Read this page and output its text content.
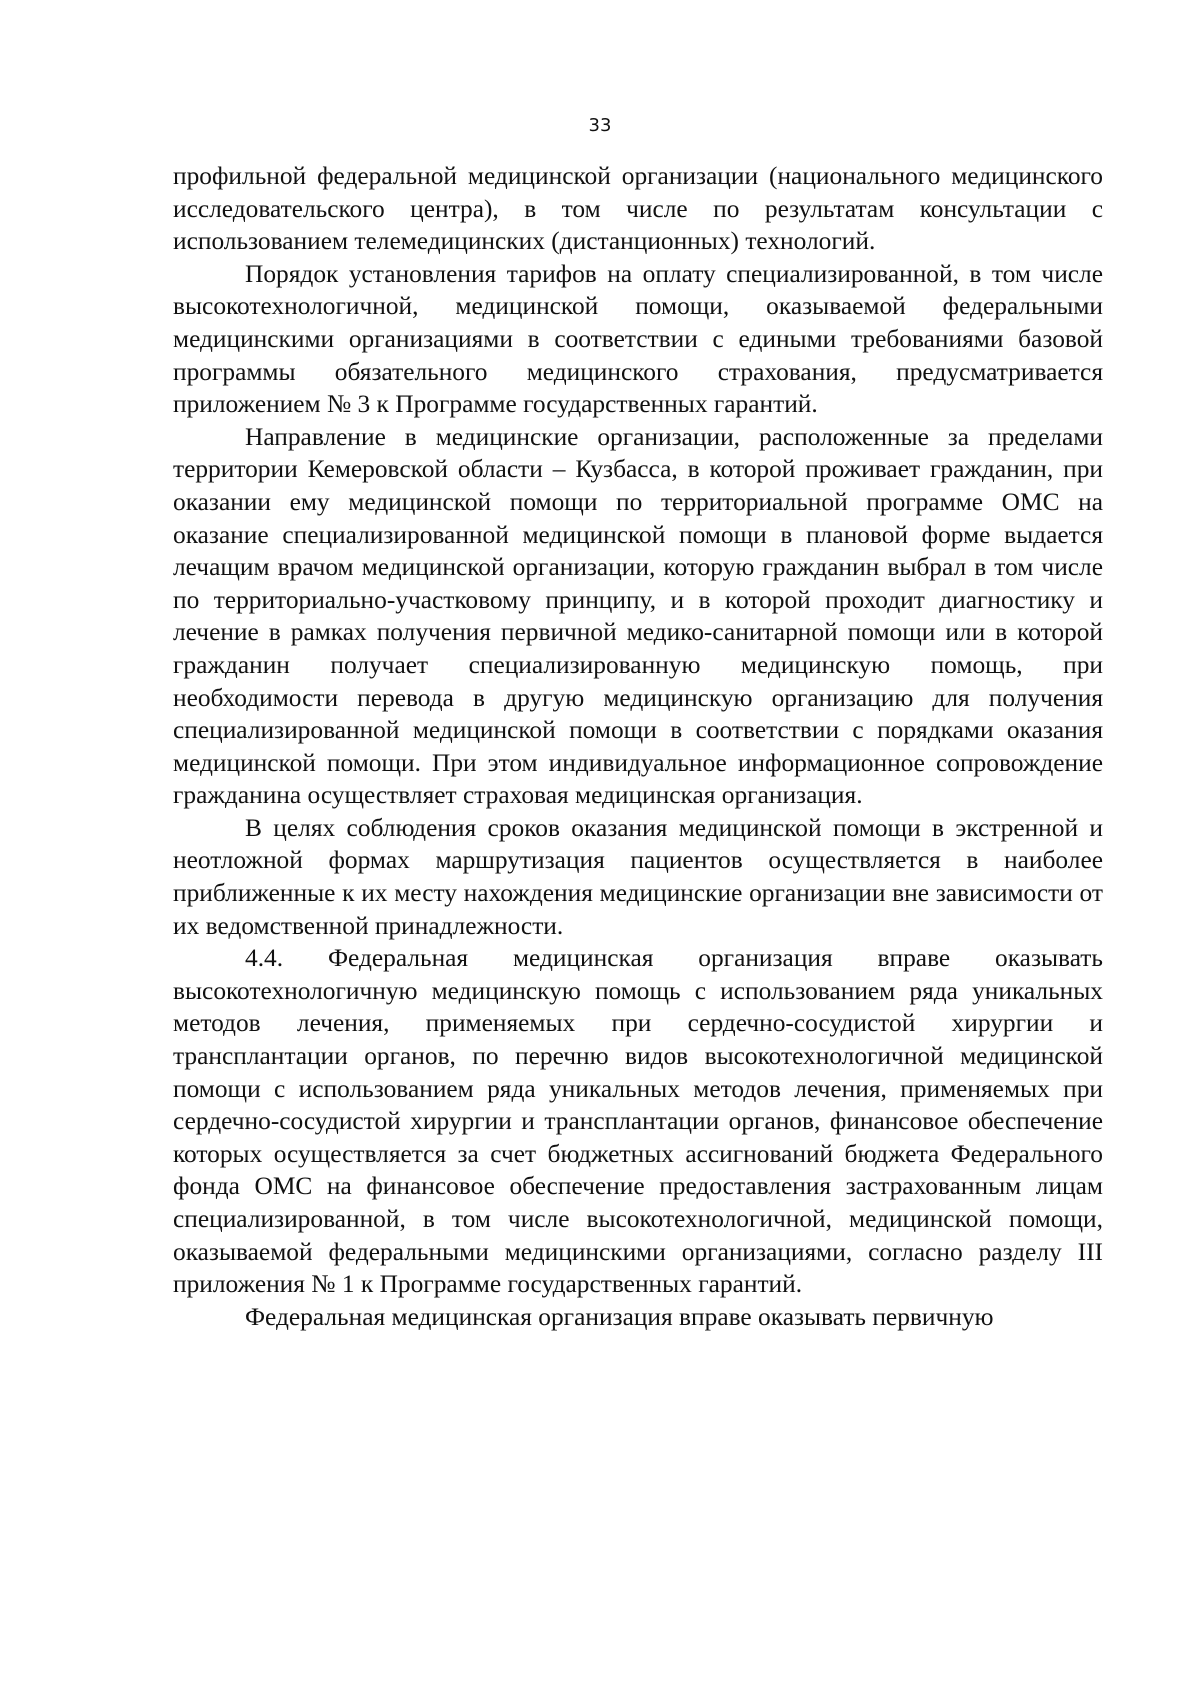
33

профильной федеральной медицинской организации (национального медицинского исследовательского центра), в том числе по результатам консультации с использованием телемедицинских (дистанционных) технологий.

Порядок установления тарифов на оплату специализированной, в том числе высокотехнологичной, медицинской помощи, оказываемой федеральными медицинскими организациями в соответствии с едиными требованиями базовой программы обязательного медицинского страхования, предусматривается приложением № 3 к Программе государственных гарантий.

Направление в медицинские организации, расположенные за пределами территории Кемеровской области – Кузбасса, в которой проживает гражданин, при оказании ему медицинской помощи по территориальной программе ОМС на оказание специализированной медицинской помощи в плановой форме выдается лечащим врачом медицинской организации, которую гражданин выбрал в том числе по территориально-участковому принципу, и в которой проходит диагностику и лечение в рамках получения первичной медико-санитарной помощи или в которой гражданин получает специализированную медицинскую помощь, при необходимости перевода в другую медицинскую организацию для получения специализированной медицинской помощи в соответствии с порядками оказания медицинской помощи. При этом индивидуальное информационное сопровождение гражданина осуществляет страховая медицинская организация.

В целях соблюдения сроков оказания медицинской помощи в экстренной и неотложной формах маршрутизация пациентов осуществляется в наиболее приближенные к их месту нахождения медицинские организации вне зависимости от их ведомственной принадлежности.

4.4. Федеральная медицинская организация вправе оказывать высокотехнологичную медицинскую помощь с использованием ряда уникальных методов лечения, применяемых при сердечно-сосудистой хирургии и трансплантации органов, по перечню видов высокотехнологичной медицинской помощи с использованием ряда уникальных методов лечения, применяемых при сердечно-сосудистой хирургии и трансплантации органов, финансовое обеспечение которых осуществляется за счет бюджетных ассигнований бюджета Федерального фонда ОМС на финансовое обеспечение предоставления застрахованным лицам специализированной, в том числе высокотехнологичной, медицинской помощи, оказываемой федеральными медицинскими организациями, согласно разделу III приложения № 1 к Программе государственных гарантий.

Федеральная медицинская организация вправе оказывать первичную
